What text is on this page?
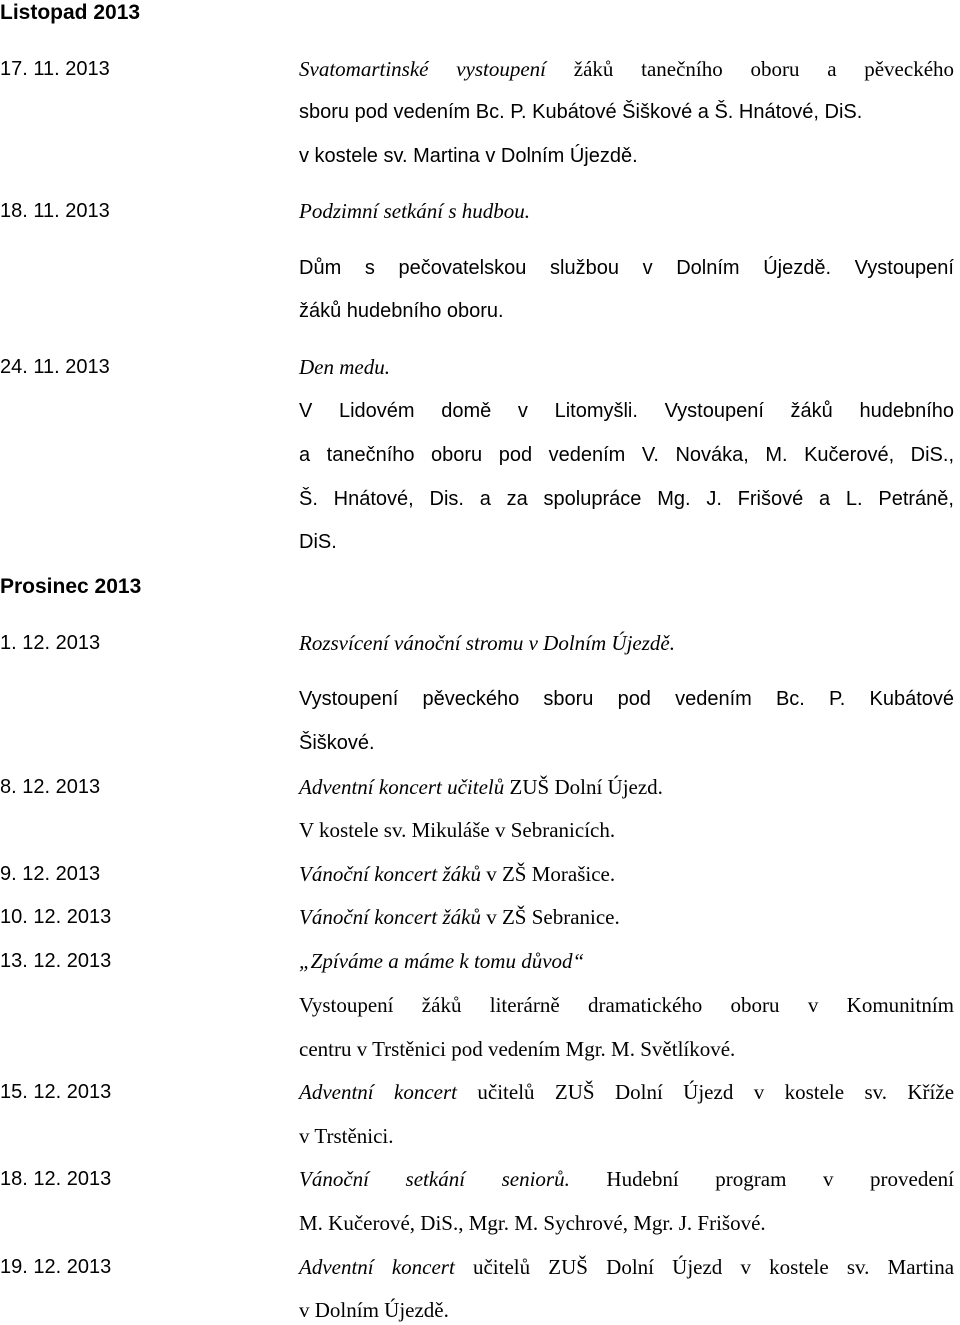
Listopad 2013
Prosinec 2013
17. 11. 2013	Svatomartinské vystoupení žáků tanečního oboru a pěveckého
sboru pod vedením Bc. P. Kubátové Šiškové a Š. Hnátové, DiS.
v kostele sv. Martina v Dolním Újezdě.
18. 11. 2013	Podzimní setkání s hudbou.
Dům s pečovatelskou službou v Dolním Újezdě. Vystoupení
žáků hudebního oboru.
24. 11. 2013	Den medu.
V Lidovém domě v Litomyšli. Vystoupení žáků hudebního
a tanečního oboru pod vedením V. Nováka, M. Kučerové, DiS.,
Š. Hnátové, Dis. a za spolupráce Mg. J. Frišové a L. Petráně,
DiS.
1. 12. 2013	Rozsvícení vánoční stromu v Dolním Újezdě.
Vystoupení pěveckého sboru pod vedením Bc. P. Kubátové
Šiškové.
8. 12. 2013	Adventní koncert učitelů ZUŠ Dolní Újezd.
V kostele sv. Mikuláše v Sebranicích.
9. 12. 2013	Vánoční koncert žáků v ZŠ Morašice.
10. 12. 2013	Vánoční koncert žáků v ZŠ Sebranice.
13. 12. 2013	„Zpíváme a máme k tomu důvod“
Vystoupení žáků literárně dramatického oboru v Komunitním
centru v Trstěnici pod vedením Mgr. M. Světlíkové.
15. 12. 2013	Adventní koncert učitelů ZUŠ Dolní Újezd v kostele sv. Kříže
v Trstěnici.
18. 12. 2013	Vánoční setkání seniorů. Hudební program v provedení
M. Kučerové, DiS., Mgr. M. Sychrové, Mgr. J. Frišové.
19. 12. 2013	Adventní koncert učitelů ZUŠ Dolní Újezd v kostele sv. Martina
v Dolním Újezdě.
